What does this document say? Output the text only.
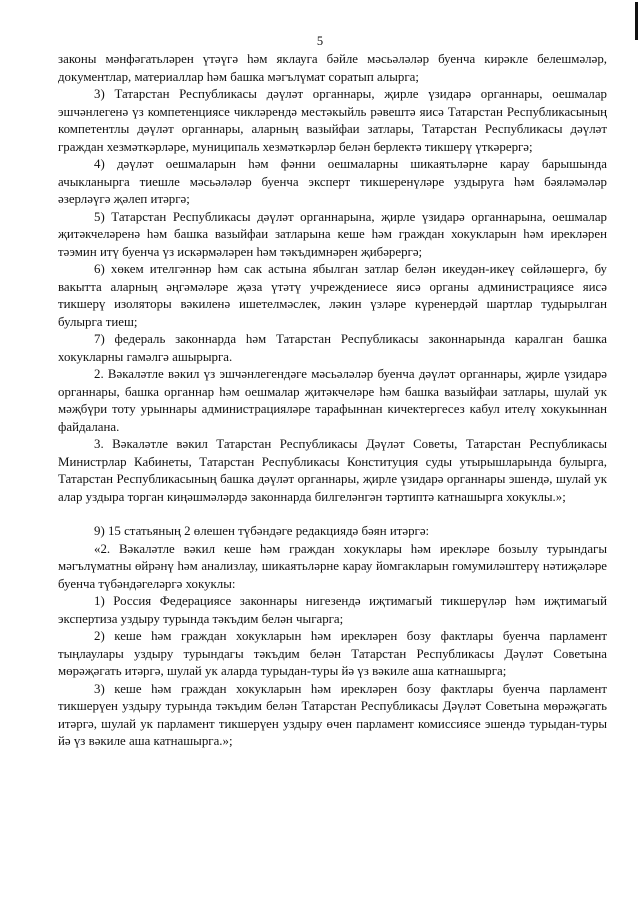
5

законы мәнфәгатьләрен үтәүгә һәм яклауга бәйле мәсьәләләр буенча кирәкле белешмәләр, документлар, материаллар һәм башка мәгълүмат соратып алырга;

3) Татарстан Республикасы дәүләт органнары, җирле үзидарә органнары, оешмалар эшчәнлегенә үз компетенциясе чикләрендә местәкыйль рәвештә яисә Татарстан Республикасының компетентлы дәүләт органнары, аларның вазыйфаи затлары, Татарстан Республикасы дәүләт граждан хезмәткәрләре, муниципаль хезмәткәрләр белән берлектә тикшерү үткәрергә;

4) дәүләт оешмаларын һәм фәнни оешмаларны шикаятьләрне карау барышында ачыкланырга тиешле мәсьәләләр буенча эксперт тикшеренүләре уздыруга һәм бәяләмәләр әзерләүгә җәлеп итәргә;

5) Татарстан Республикасы дәүләт органнарына, җирле үзидарә органнарына, оешмалар җитәкчеләренә һәм башка вазыйфаи затларына кеше һәм граждан хокукларын һәм ирекләрен тәэмин итү буенча үз искәрмәләрен һәм тәкъдимнәрен җибәрергә;

6) хөкем ителгәннәр һәм сак астына ябылган затлар белән икеудән-икеү сөйләшергә, бу вакытта аларның әңгәмәләре җәза үтәтү учреждениесе яисә органы администрациясе яисә тикшерү изоляторы вәкиленә ишетелмәслек, ләкин үзләре күренердәй шартлар тудырылган булырга тиеш;

7) федераль законнарда һәм Татарстан Республикасы законнарында каралган башка хокукларны гамәлгә ашырырга.

2. Вәкаләтле вәкил үз эшчәнлегендәге мәсьәләләр буенча дәүләт органнары, җирле үзидарә органнары, башка органнар һәм оешмалар җитәкчеләре һәм башка вазыйфаи затлары, шулай ук мәҗбүри тоту урыннары администрацияләре тарафыннан кичектергесез кабул ителү хокукыннан файдалана.

3. Вәкаләтле вәкил Татарстан Республикасы Дәүләт Советы, Татарстан Республикасы Министрлар Кабинеты, Татарстан Республикасы Конституция суды утырышларында булырга, Татарстан Республикасының башка дәүләт органнары, җирле үзидарә органнары эшендә, шулай ук алар уздыра торган киңәшмәләрдә законнарда билгеләнгән тәртиптә катнашырга хокуклы.»;

9) 15 статьяның 2 өлешен түбәндәге редакциядә бәян итәргә:

«2. Вәкаләтле вәкил кеше һәм граждан хокуклары һәм ирекләре бозылу турындагы мәгълүматны өйрәнү һәм анализлау, шикаятьләрне карау йомгакларын гомумиләштерү нәтиҗәләре буенча түбәндәгеләргә хокуклы:

1) Россия Федерациясе законнары нигезендә иҗтимагый тикшерүләр һәм иҗтимагый экспертиза уздыру турында тәкъдим белән чыгарга;

2) кеше һәм граждан хокукларын һәм ирекләрен бозу фактлары буенча парламент тыңлаулары уздыру турындагы тәкъдим белән Татарстан Республикасы Дәүләт Советына мөрәҗәгать итәргә, шулай ук аларда турыдан-туры йә үз вәкиле аша катнашырга;

3) кеше һәм граждан хокукларын һәм ирекләрен бозу фактлары буенча парламент тикшерүен уздыру турында тәкъдим белән Татарстан Республикасы Дәүләт Советына мөрәҗәгать итәргә, шулай ук парламент тикшерүен уздыру өчен парламент комиссиясе эшендә турыдан-туры йә үз вәкиле аша катнашырга.»;
